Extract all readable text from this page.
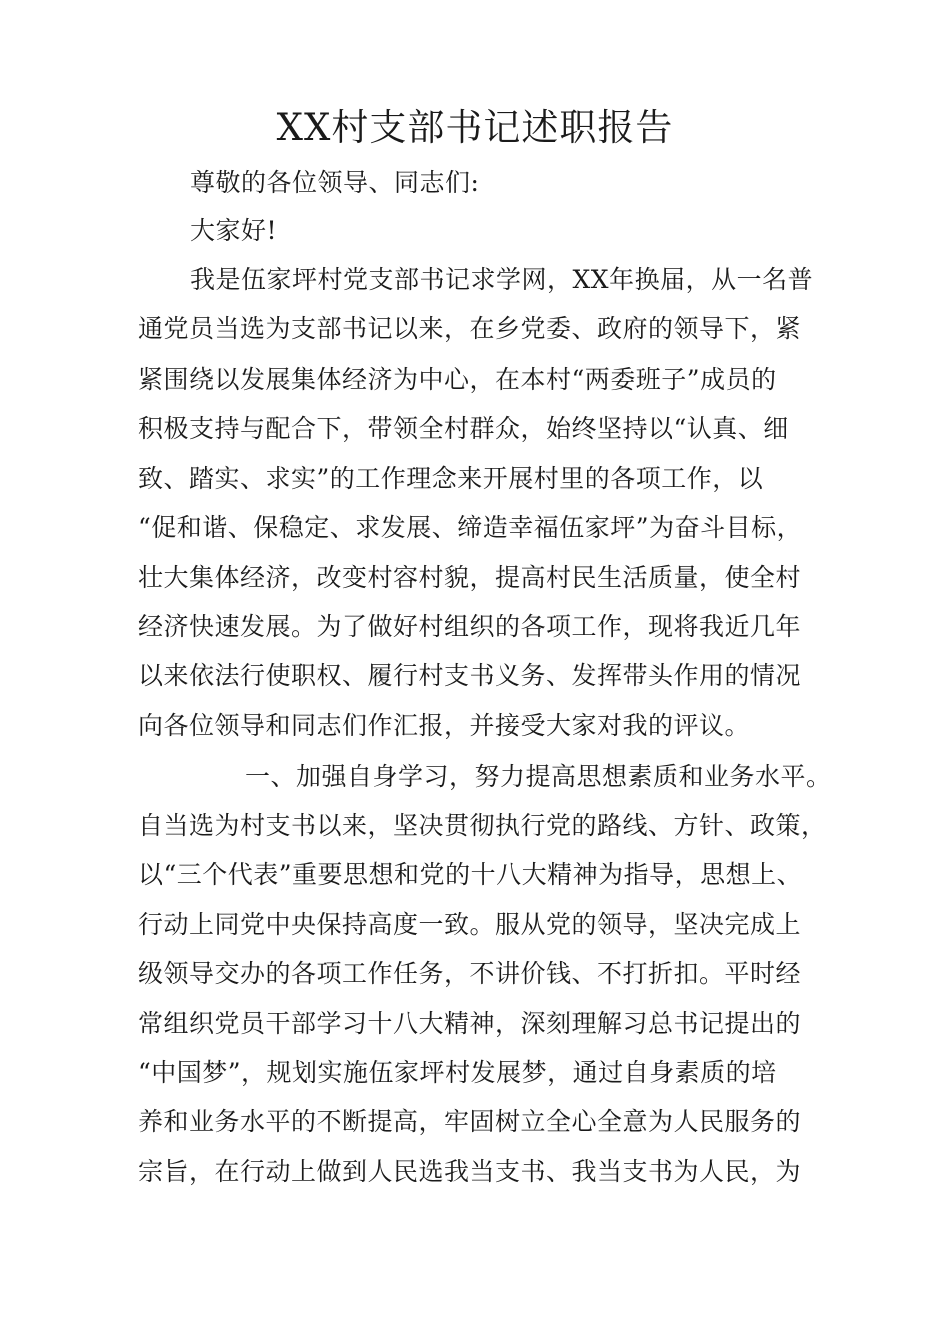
XX村支部书记述职报告
尊敬的各位领导、同志们:
大家好!
我是伍家坪村党支部书记求学网，XX年换届，从一名普
通党员当选为支部书记以来，在乡党委、政府的领导下，紧
紧围绕以发展集体经济为中心，在本村“两委班子”成员的
积极支持与配合下，带领全村群众，始终坚持以“认真、细
致、踏实、求实”的工作理念来开展村里的各项工作，以
“促和谐、保稳定、求发展、缔造幸福伍家坪”为奋斗目标，
壮大集体经济，改变村容村貌，提高村民生活质量，使全村
经济快速发展。为了做好村组织的各项工作，现将我近几年
以来依法行使职权、履行村支书义务、发挥带头作用的情况
向各位领导和同志们作汇报，并接受大家对我的评议。
一、加强自身学习，努力提高思想素质和业务水平。
自当选为村支书以来，坚决贯彻执行党的路线、方针、政策，
以“三个代表”重要思想和党的十八大精神为指导，思想上、
行动上同党中央保持高度一致。服从党的领导，坚决完成上
级领导交办的各项工作任务，不讲价钱、不打折扣。平时经
常组织党员干部学习十八大精神，深刻理解习总书记提出的
“中国梦”，规划实施伍家坪村发展梦，通过自身素质的培
养和业务水平的不断提高，牢固树立全心全意为人民服务的
宗旨，在行动上做到人民选我当支书、我当支书为人民，为
